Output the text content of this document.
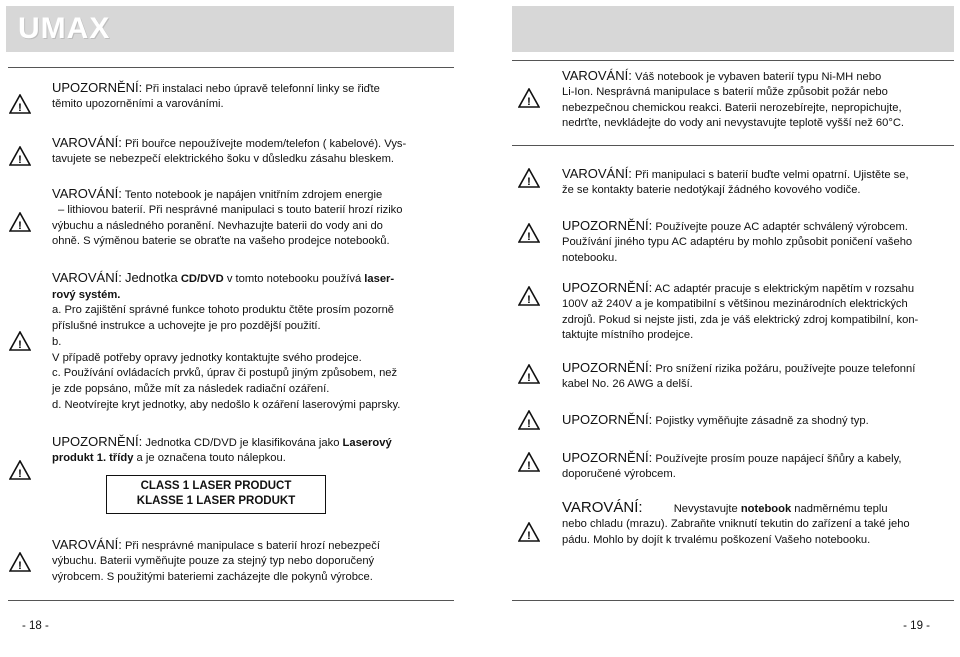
UMAX
!
UPOZORNĚNÍ: Při instalaci nebo úpravě telefonní linky se řiďte
těmito upozorněními a varováními.
!
VAROVÁNÍ: Při bouřce nepoužívejte modem/telefon ( kabelové). Vys-
tavujete se nebezpečí elektrického šoku v důsledku zásahu bleskem.
!
VAROVÁNÍ: Tento notebook je napájen vnitřním zdrojem energie
– lithiovou baterií. Při nesprávné manipulaci s touto baterií hrozí riziko
výbuchu a následného poranění. Nevhazujte baterii do vody ani do
ohně. S výměnou baterie se obraťte na vašeho prodejce notebooků.
!
VAROVÁNÍ: Jednotka CD/DVD v tomto notebooku používá laser-
rový systém.
a. Pro zajištění správné funkce tohoto produktu čtěte prosím pozorně
příslušné instrukce a uchovejte je pro pozdější použití.
b.
V případě potřeby opravy jednotky kontaktujte svého prodejce.
c. Používání ovládacích prvků, úprav či postupů jiným způsobem, než
je zde popsáno, může mít za následek radiační ozáření.
d. Neotvírejte kryt jednotky, aby nedošlo k ozáření laserovými paprsky.
!
UPOZORNĚNÍ: Jednotka CD/DVD je klasifikována jako Laserový
produkt 1. třídy a je označena touto nálepkou.
CLASS 1 LASER PRODUCT
KLASSE 1 LASER PRODUKT
!
VAROVÁNÍ: Při nesprávné manipulace s baterií hrozí nebezpečí
výbuchu. Baterii vyměňujte pouze za stejný typ nebo doporučený
výrobcem. S použitými bateriemi zacházejte dle pokynů výrobce.
- 18 -
!
VAROVÁNÍ: Váš notebook je vybaven baterií typu Ni-MH nebo
Li-Ion. Nesprávná manipulace s baterií může způsobit požár nebo
nebezpečnou chemickou reakci. Baterii nerozebírejte, nepropichujte,
nedrťte, nevkládejte do vody ani nevystavujte teplotě vyšší než 60°C.
!
VAROVÁNÍ: Při manipulaci s baterií buďte velmi opatrní. Ujistěte se,
že se kontakty baterie nedotýkají žádného kovového vodiče.
!
UPOZORNĚNÍ: Používejte pouze AC adaptér schválený výrobcem.
Používání jiného typu AC adaptéru by mohlo způsobit poničení vašeho
notebooku.
!
UPOZORNĚNÍ: AC adaptér pracuje s elektrickým napětím v rozsahu
100V až 240V a je kompatibilní s většinou mezinárodních elektrických
zdrojů. Pokud si nejste jisti, zda je váš elektrický zdroj kompatibilní, kon-
taktujte místního prodejce.
!
UPOZORNĚNÍ: Pro snížení rizika požáru, používejte pouze telefonní
kabel No. 26 AWG a delší.
! UPOZORNĚNÍ: Pojistky vyměňujte zásadně za shodný typ.
!
UPOZORNĚNÍ: Používejte prosím pouze napájecí šňůry a kabely,
doporučené výrobcem.
!
VAROVÁNÍ:	Nevystavujte notebook nadměrnému teplu
nebo chladu (mrazu). Zabraňte vniknutí tekutin do zařízení a také jeho
pádu. Mohlo by dojít k trvalému poškození Vašeho notebooku.
- 19 -
